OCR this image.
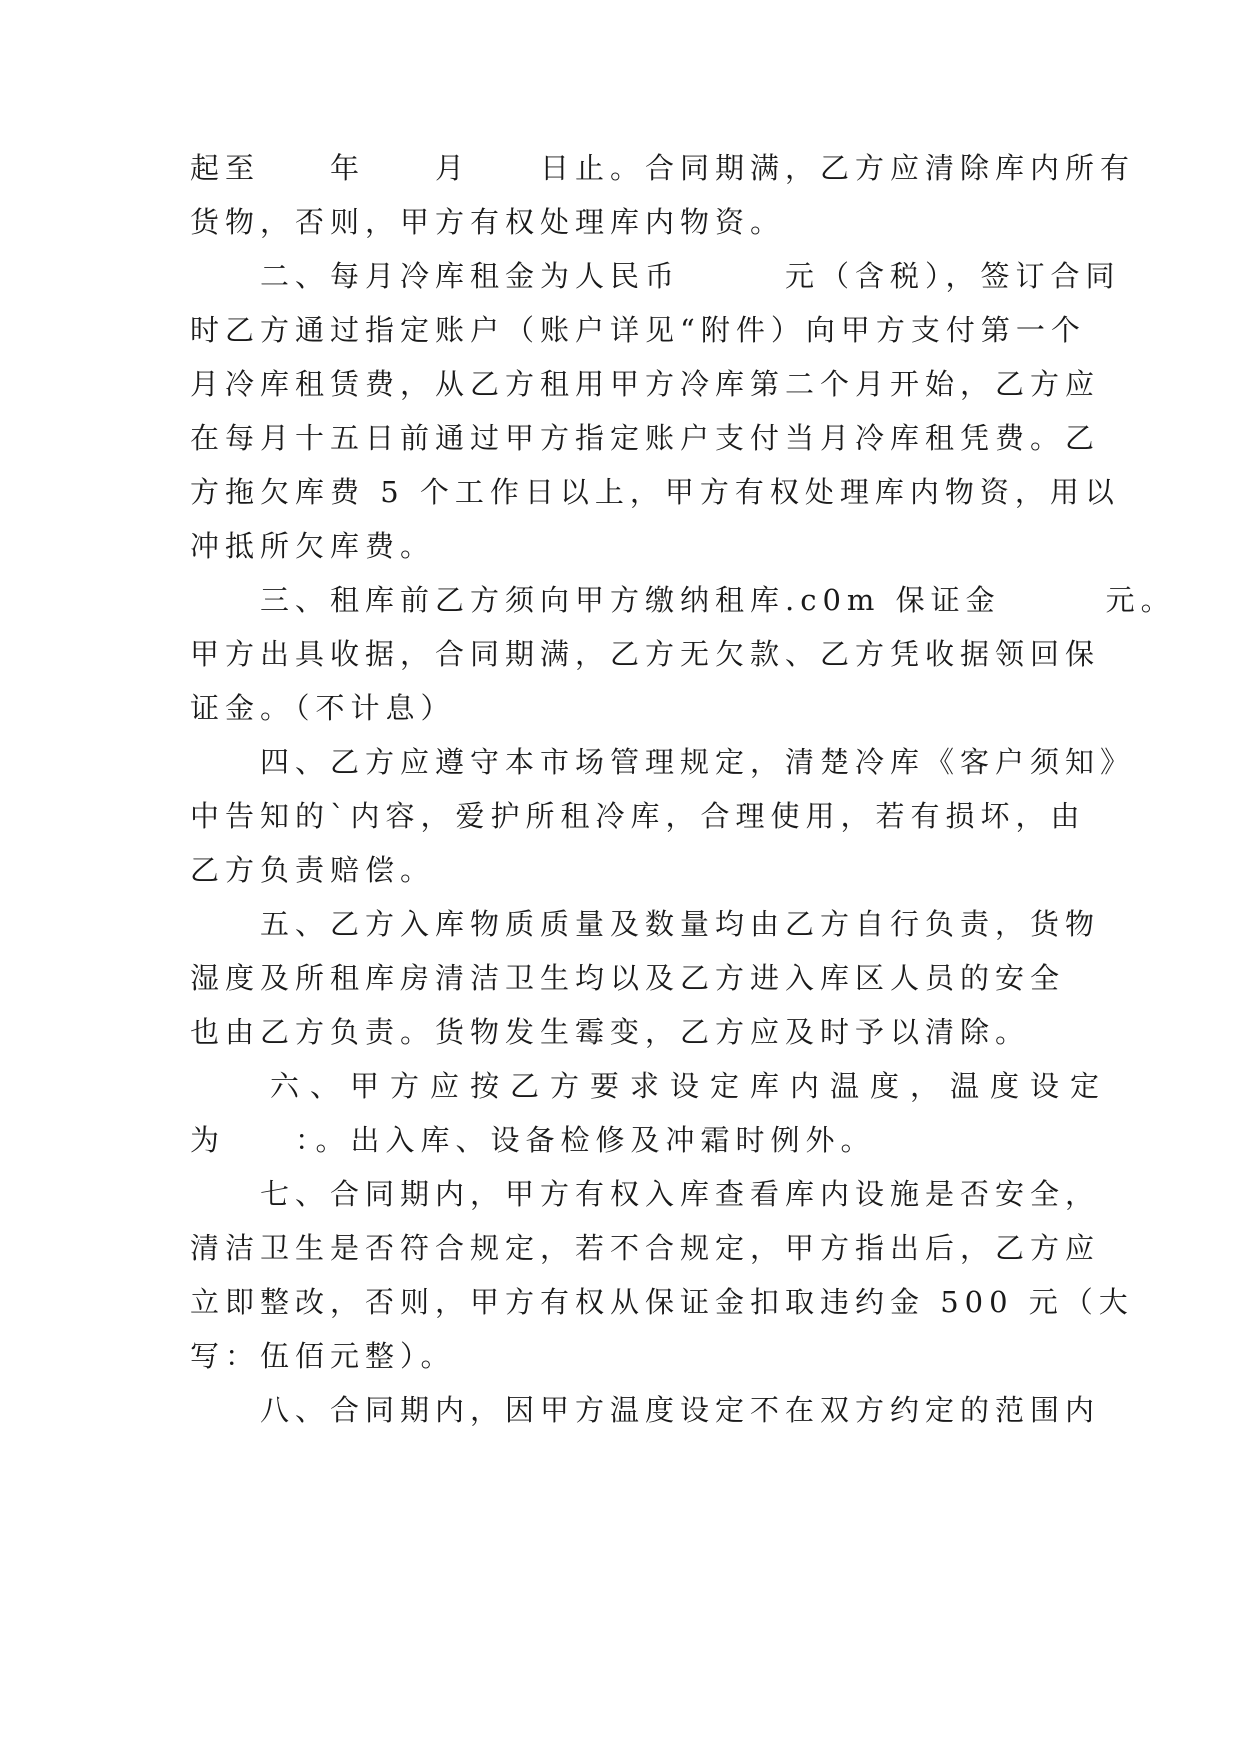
起至　　年　　月　　日止。合同期满，乙方应清除库内所有
货物，否则，甲方有权处理库内物资。
　　二、每月冷库租金为人民币　　　元（含税），签订合同
时乙方通过指定账户（账户详见“附件）向甲方支付第一个
月冷库租赁费，从乙方租用甲方冷库第二个月开始，乙方应
在每月十五日前通过甲方指定账户支付当月冷库租凭费。乙
方拖欠库费 5 个工作日以上，甲方有权处理库内物资，用以
冲抵所欠库费。
　　三、租库前乙方须向甲方缴纳租库.c0m 保证金　　　元。
甲方出具收据，合同期满，乙方无欠款、乙方凭收据领回保
证金。（不计息）
　　四、乙方应遵守本市场管理规定，清楚冷库《客户须知》
中告知的`内容，爱护所租冷库，合理使用，若有损坏，由
乙方负责赔偿。
　　五、乙方入库物质质量及数量均由乙方自行负责，货物
湿度及所租库房清洁卫生均以及乙方进入库区人员的安全
也由乙方负责。货物发生霉变，乙方应及时予以清除。
　　六、甲方应按乙方要求设定库内温度，温度设定
为　　：。出入库、设备检修及冲霜时例外。
　　七、合同期内，甲方有权入库查看库内设施是否安全，
清洁卫生是否符合规定，若不合规定，甲方指出后，乙方应
立即整改，否则，甲方有权从保证金扣取违约金 500 元（大
写：伍佰元整）。
　　八、合同期内，因甲方温度设定不在双方约定的范围内
